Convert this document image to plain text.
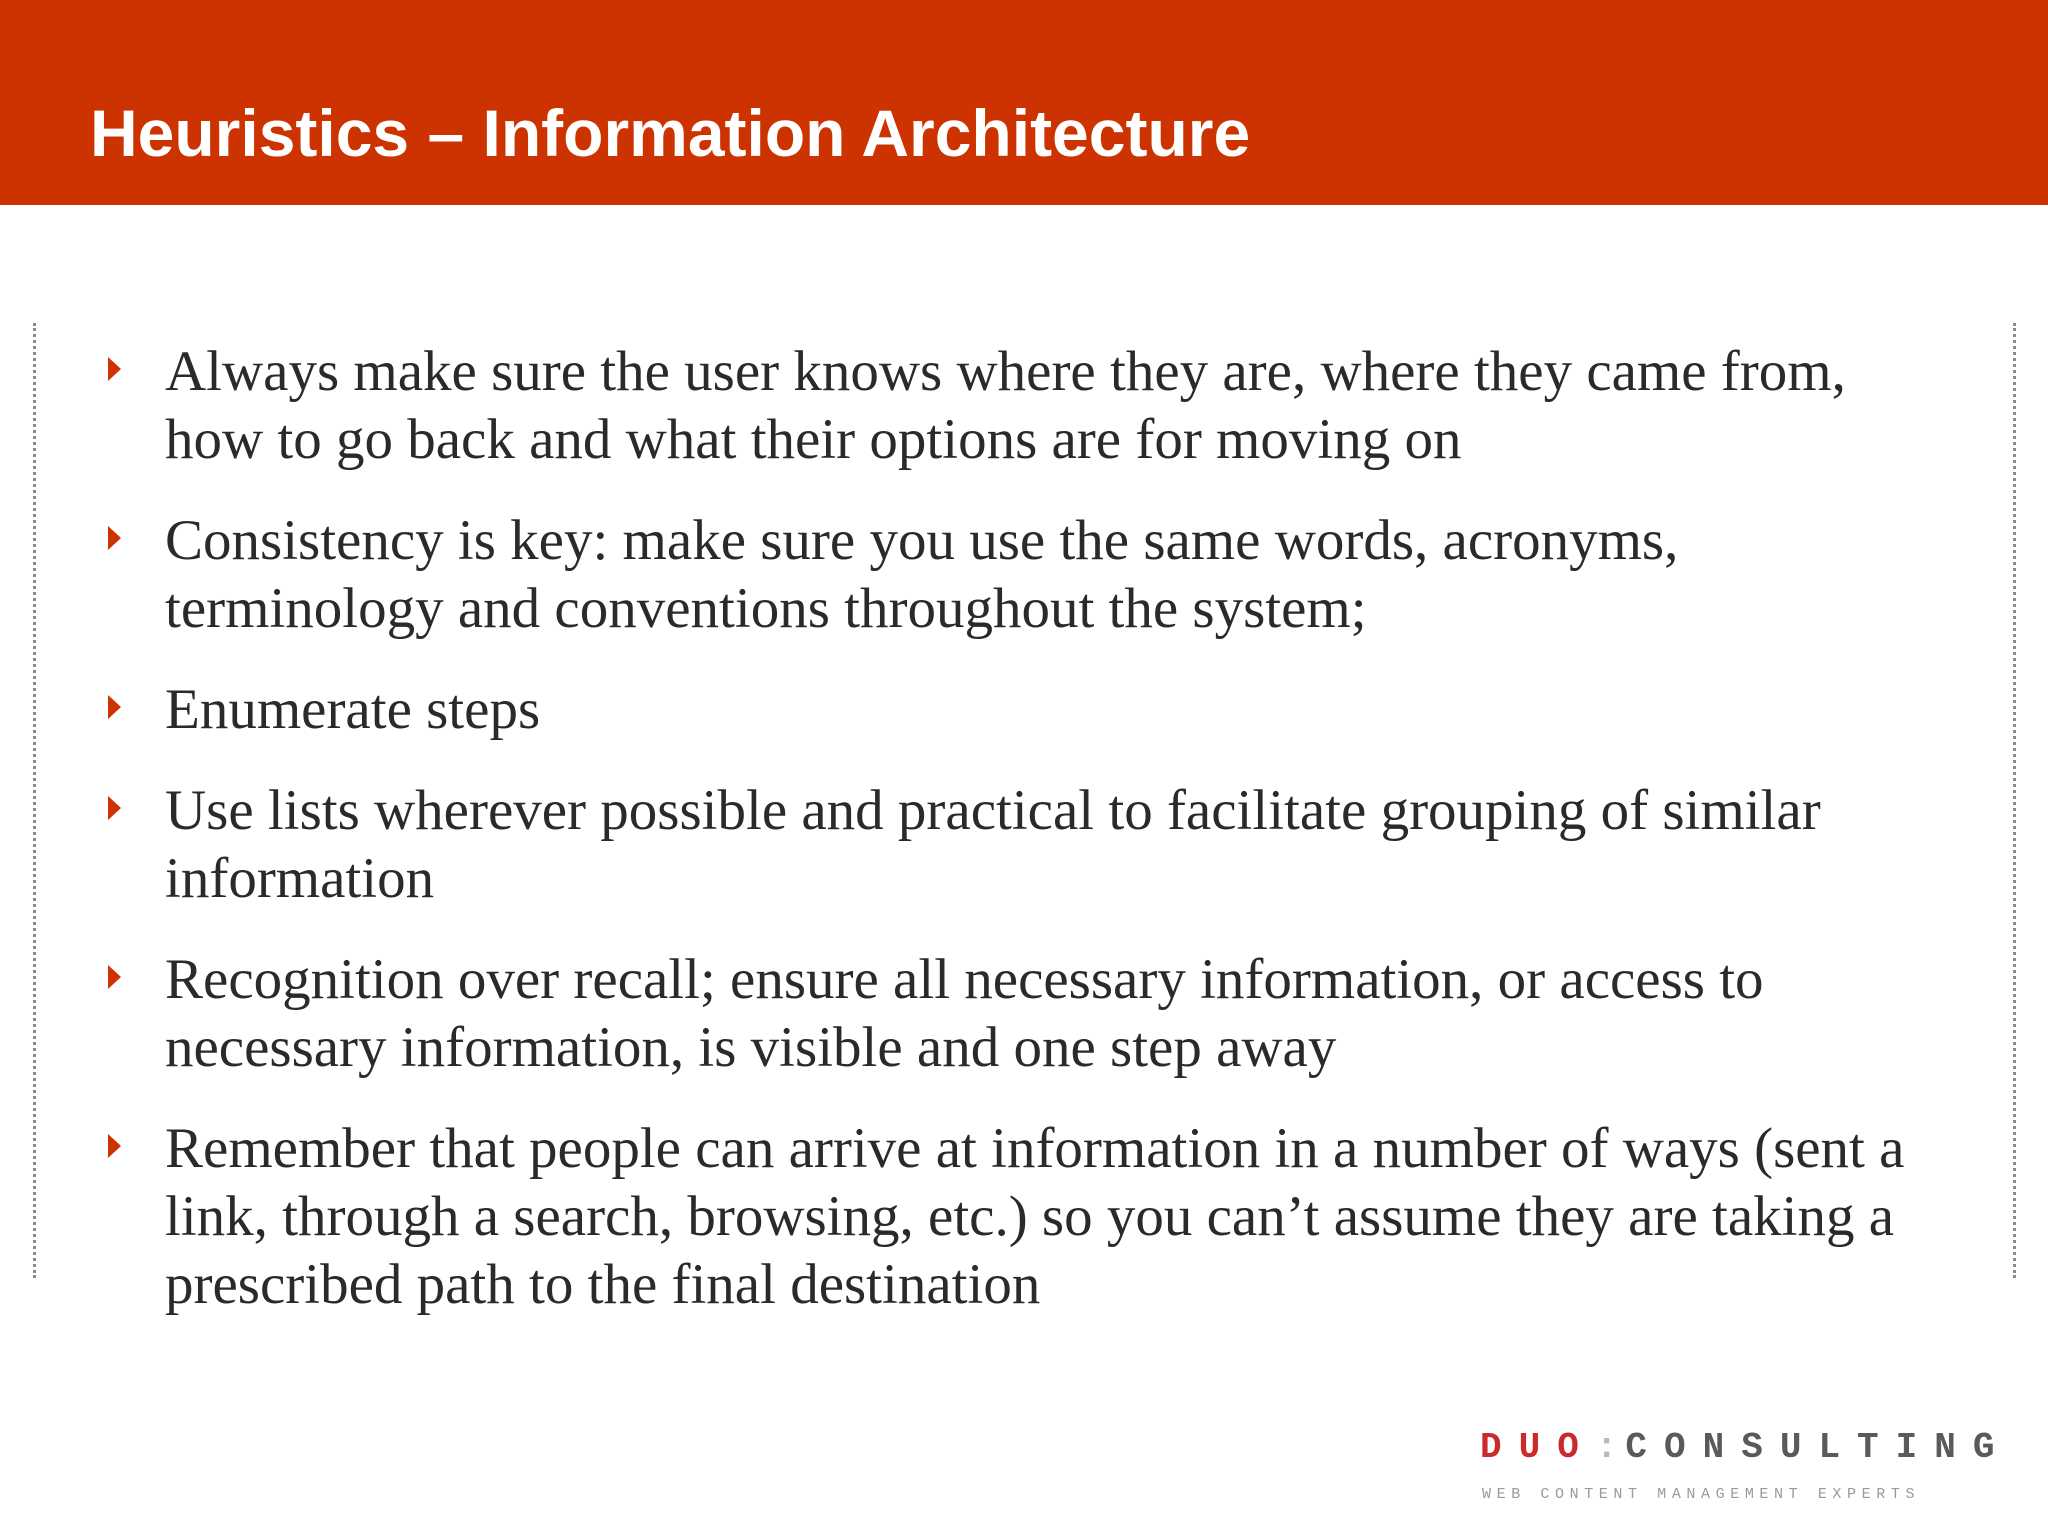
Heuristics – Information Architecture
Always make sure the user knows where they are, where they came from, how to go back and what their options are for moving on
Consistency is key: make sure you use the same words, acronyms, terminology and conventions throughout the system;
Enumerate steps
Use lists wherever possible and practical to facilitate grouping of similar information
Recognition over recall; ensure all necessary information, or access to necessary information, is visible and one step away
Remember that people can arrive at information in a number of ways (sent a link, through a search, browsing, etc.) so you can’t assume they are taking a prescribed path to the final destination
DUO:CONSULTING
WEB CONTENT MANAGEMENT EXPERTS
